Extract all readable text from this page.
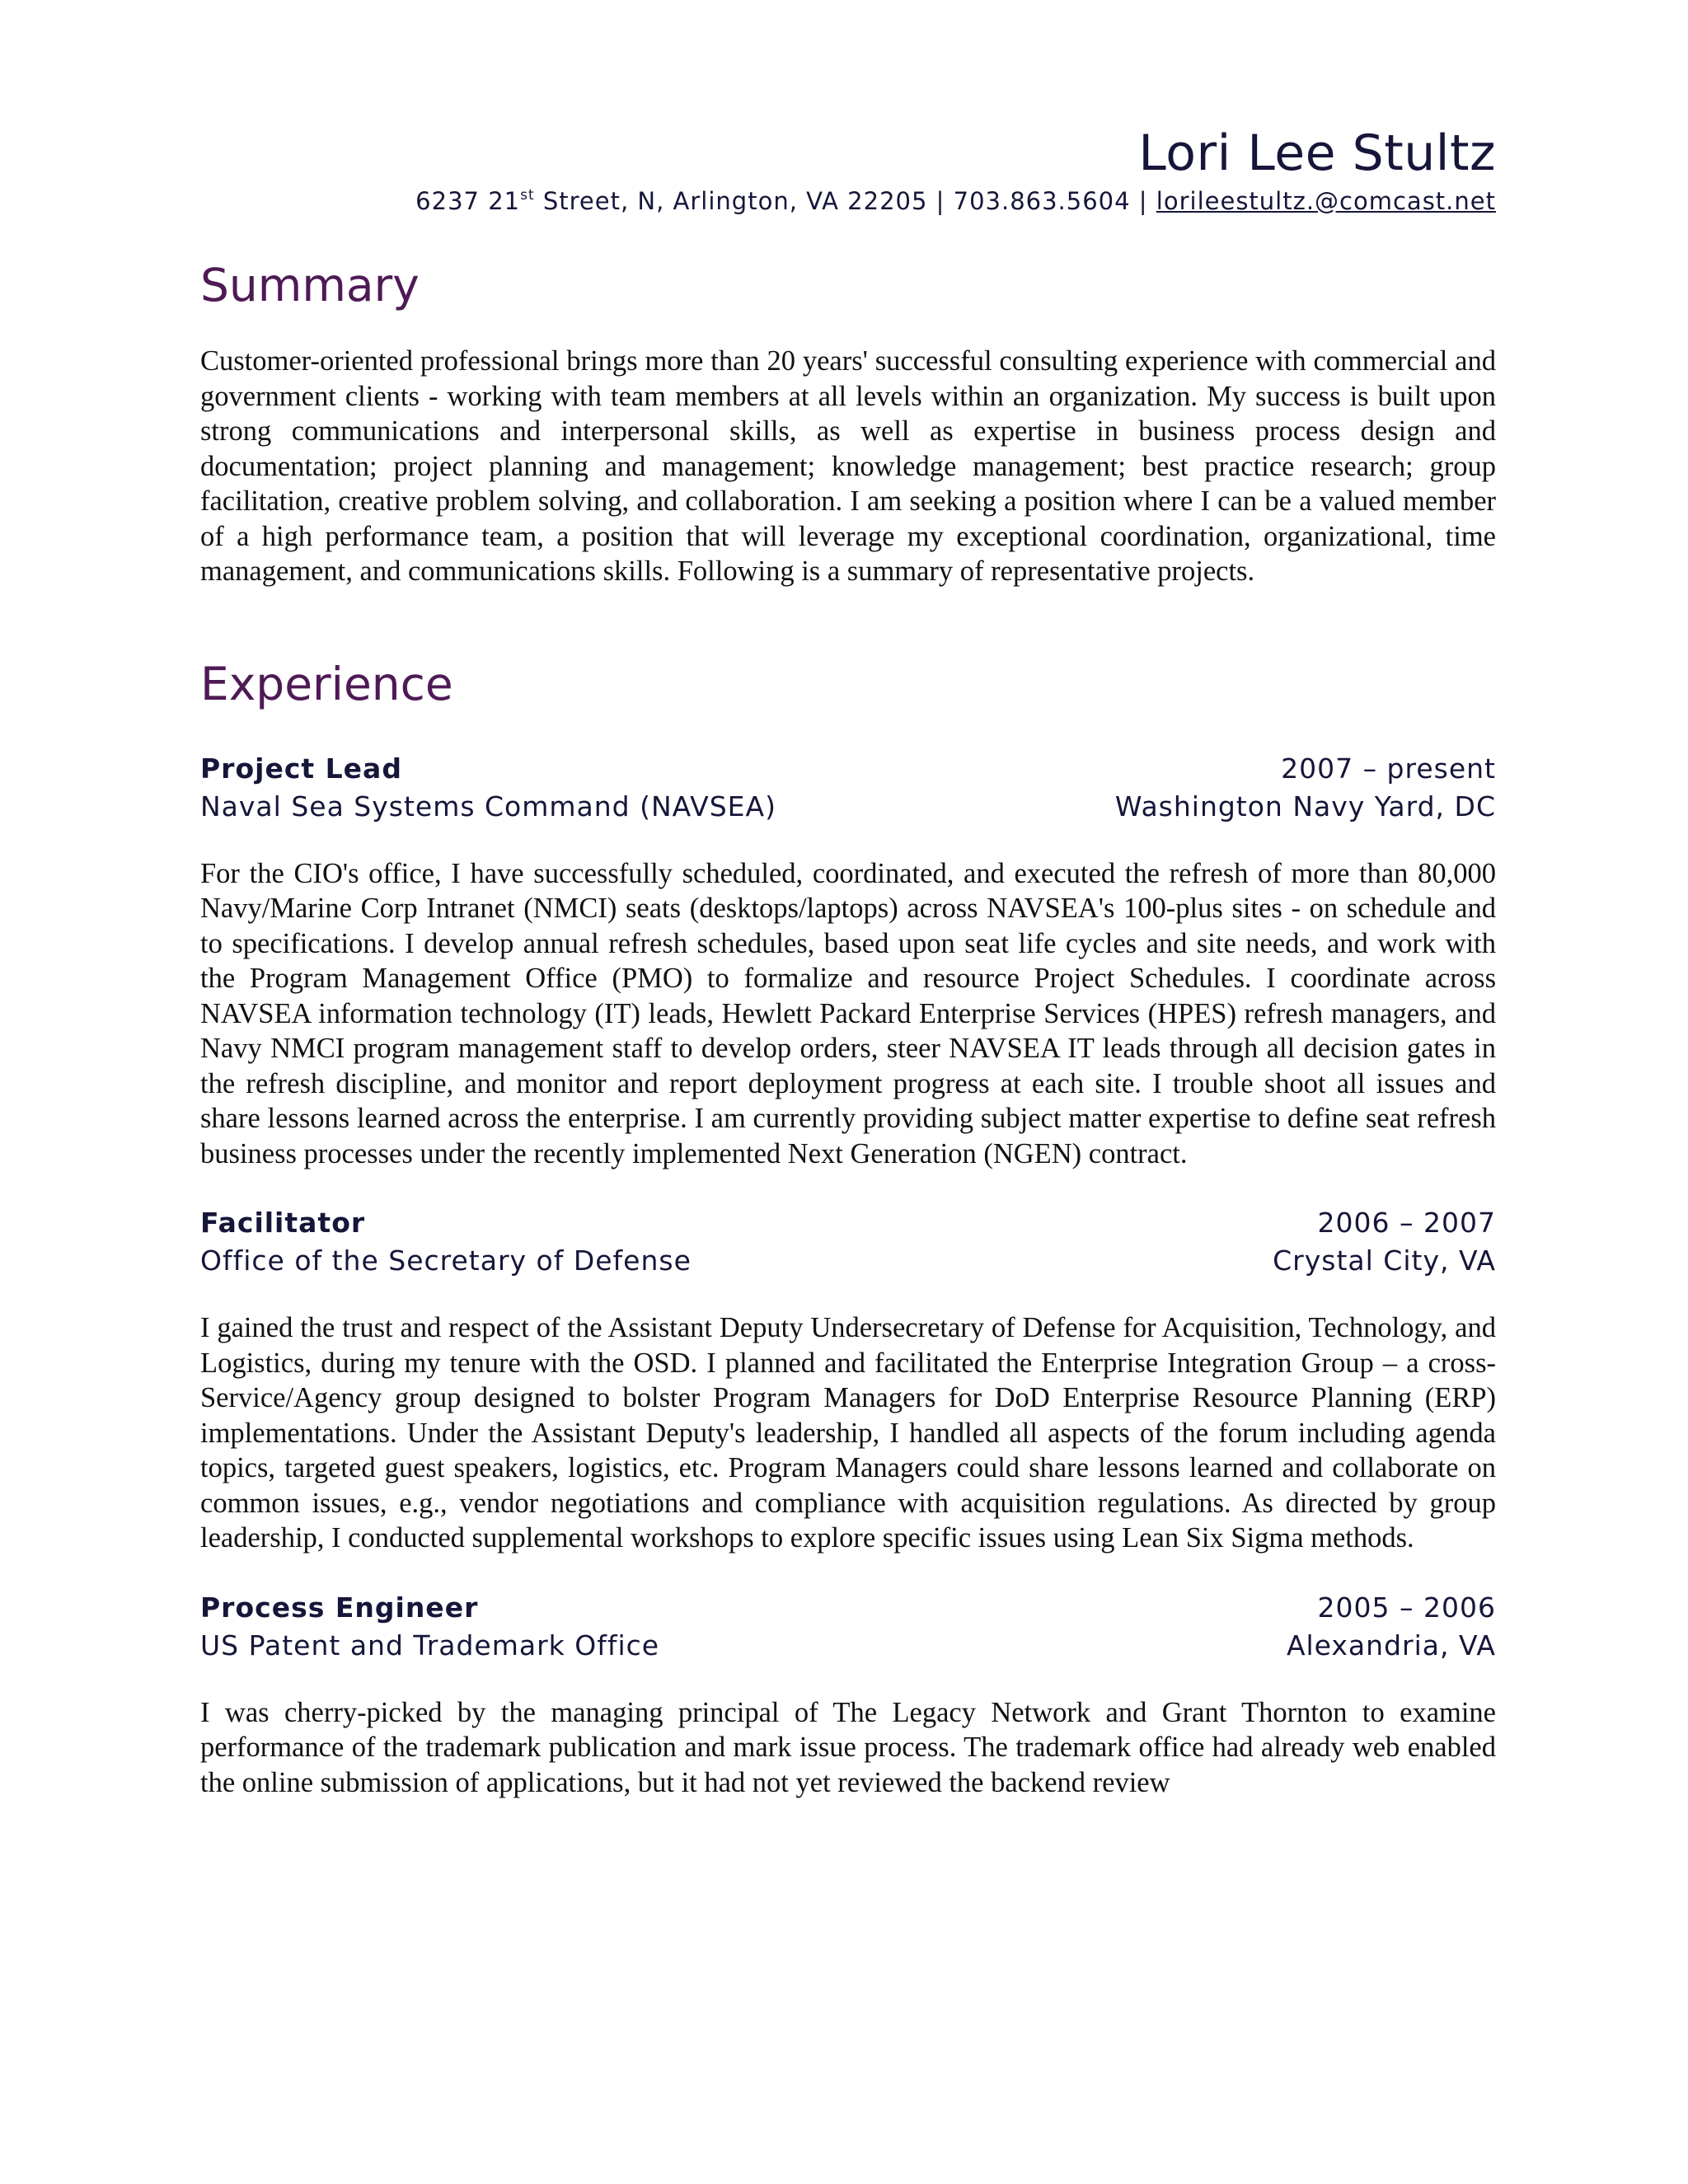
Lori Lee Stultz
6237 21st Street, N, Arlington, VA 22205 | 703.863.5604 | lorileestultz.@comcast.net
Summary

Customer-oriented professional brings more than 20 years' successful consulting experience with commercial and government clients - working with team members at all levels within an organization. My success is built upon strong communications and interpersonal skills, as well as expertise in business process design and documentation; project planning and management; knowledge management; best practice research; group facilitation, creative problem solving, and collaboration. I am seeking a position where I can be a valued member of a high performance team, a position that will leverage my exceptional coordination, organizational, time management, and communications skills. Following is a summary of representative projects.

Experience
Project Lead	2007 – present
Naval Sea Systems Command (NAVSEA)	Washington Navy Yard, DC

For the CIO's office, I have successfully scheduled, coordinated, and executed the refresh of more than 80,000 Navy/Marine Corp Intranet (NMCI) seats (desktops/laptops) across NAVSEA's 100-plus sites - on schedule and to specifications. I develop annual refresh schedules, based upon seat life cycles and site needs, and work with the Program Management Office (PMO) to formalize and resource Project Schedules. I coordinate across NAVSEA information technology (IT) leads, Hewlett Packard Enterprise Services (HPES) refresh managers, and Navy NMCI program management staff to develop orders, steer NAVSEA IT leads through all decision gates in the refresh discipline, and monitor and report deployment progress at each site. I trouble shoot all issues and share lessons learned across the enterprise. I am currently providing subject matter expertise to define seat refresh business processes under the recently implemented Next Generation (NGEN) contract.

Facilitator	2006 – 2007
Office of the Secretary of Defense	Crystal City, VA

I gained the trust and respect of the Assistant Deputy Undersecretary of Defense for Acquisition, Technology, and Logistics, during my tenure with the OSD. I planned and facilitated the Enterprise Integration Group – a cross-Service/Agency group designed to bolster Program Managers for DoD Enterprise Resource Planning (ERP) implementations. Under the Assistant Deputy's leadership, I handled all aspects of the forum including agenda topics, targeted guest speakers, logistics, etc. Program Managers could share lessons learned and collaborate on common issues, e.g., vendor negotiations and compliance with acquisition regulations. As directed by group leadership, I conducted supplemental workshops to explore specific issues using Lean Six Sigma methods.

Process Engineer	2005 – 2006
US Patent and Trademark Office	Alexandria, VA

I was cherry-picked by the managing principal of The Legacy Network and Grant Thornton to examine performance of the trademark publication and mark issue process. The trademark office had already web enabled the online submission of applications, but it had not yet reviewed the backend review
